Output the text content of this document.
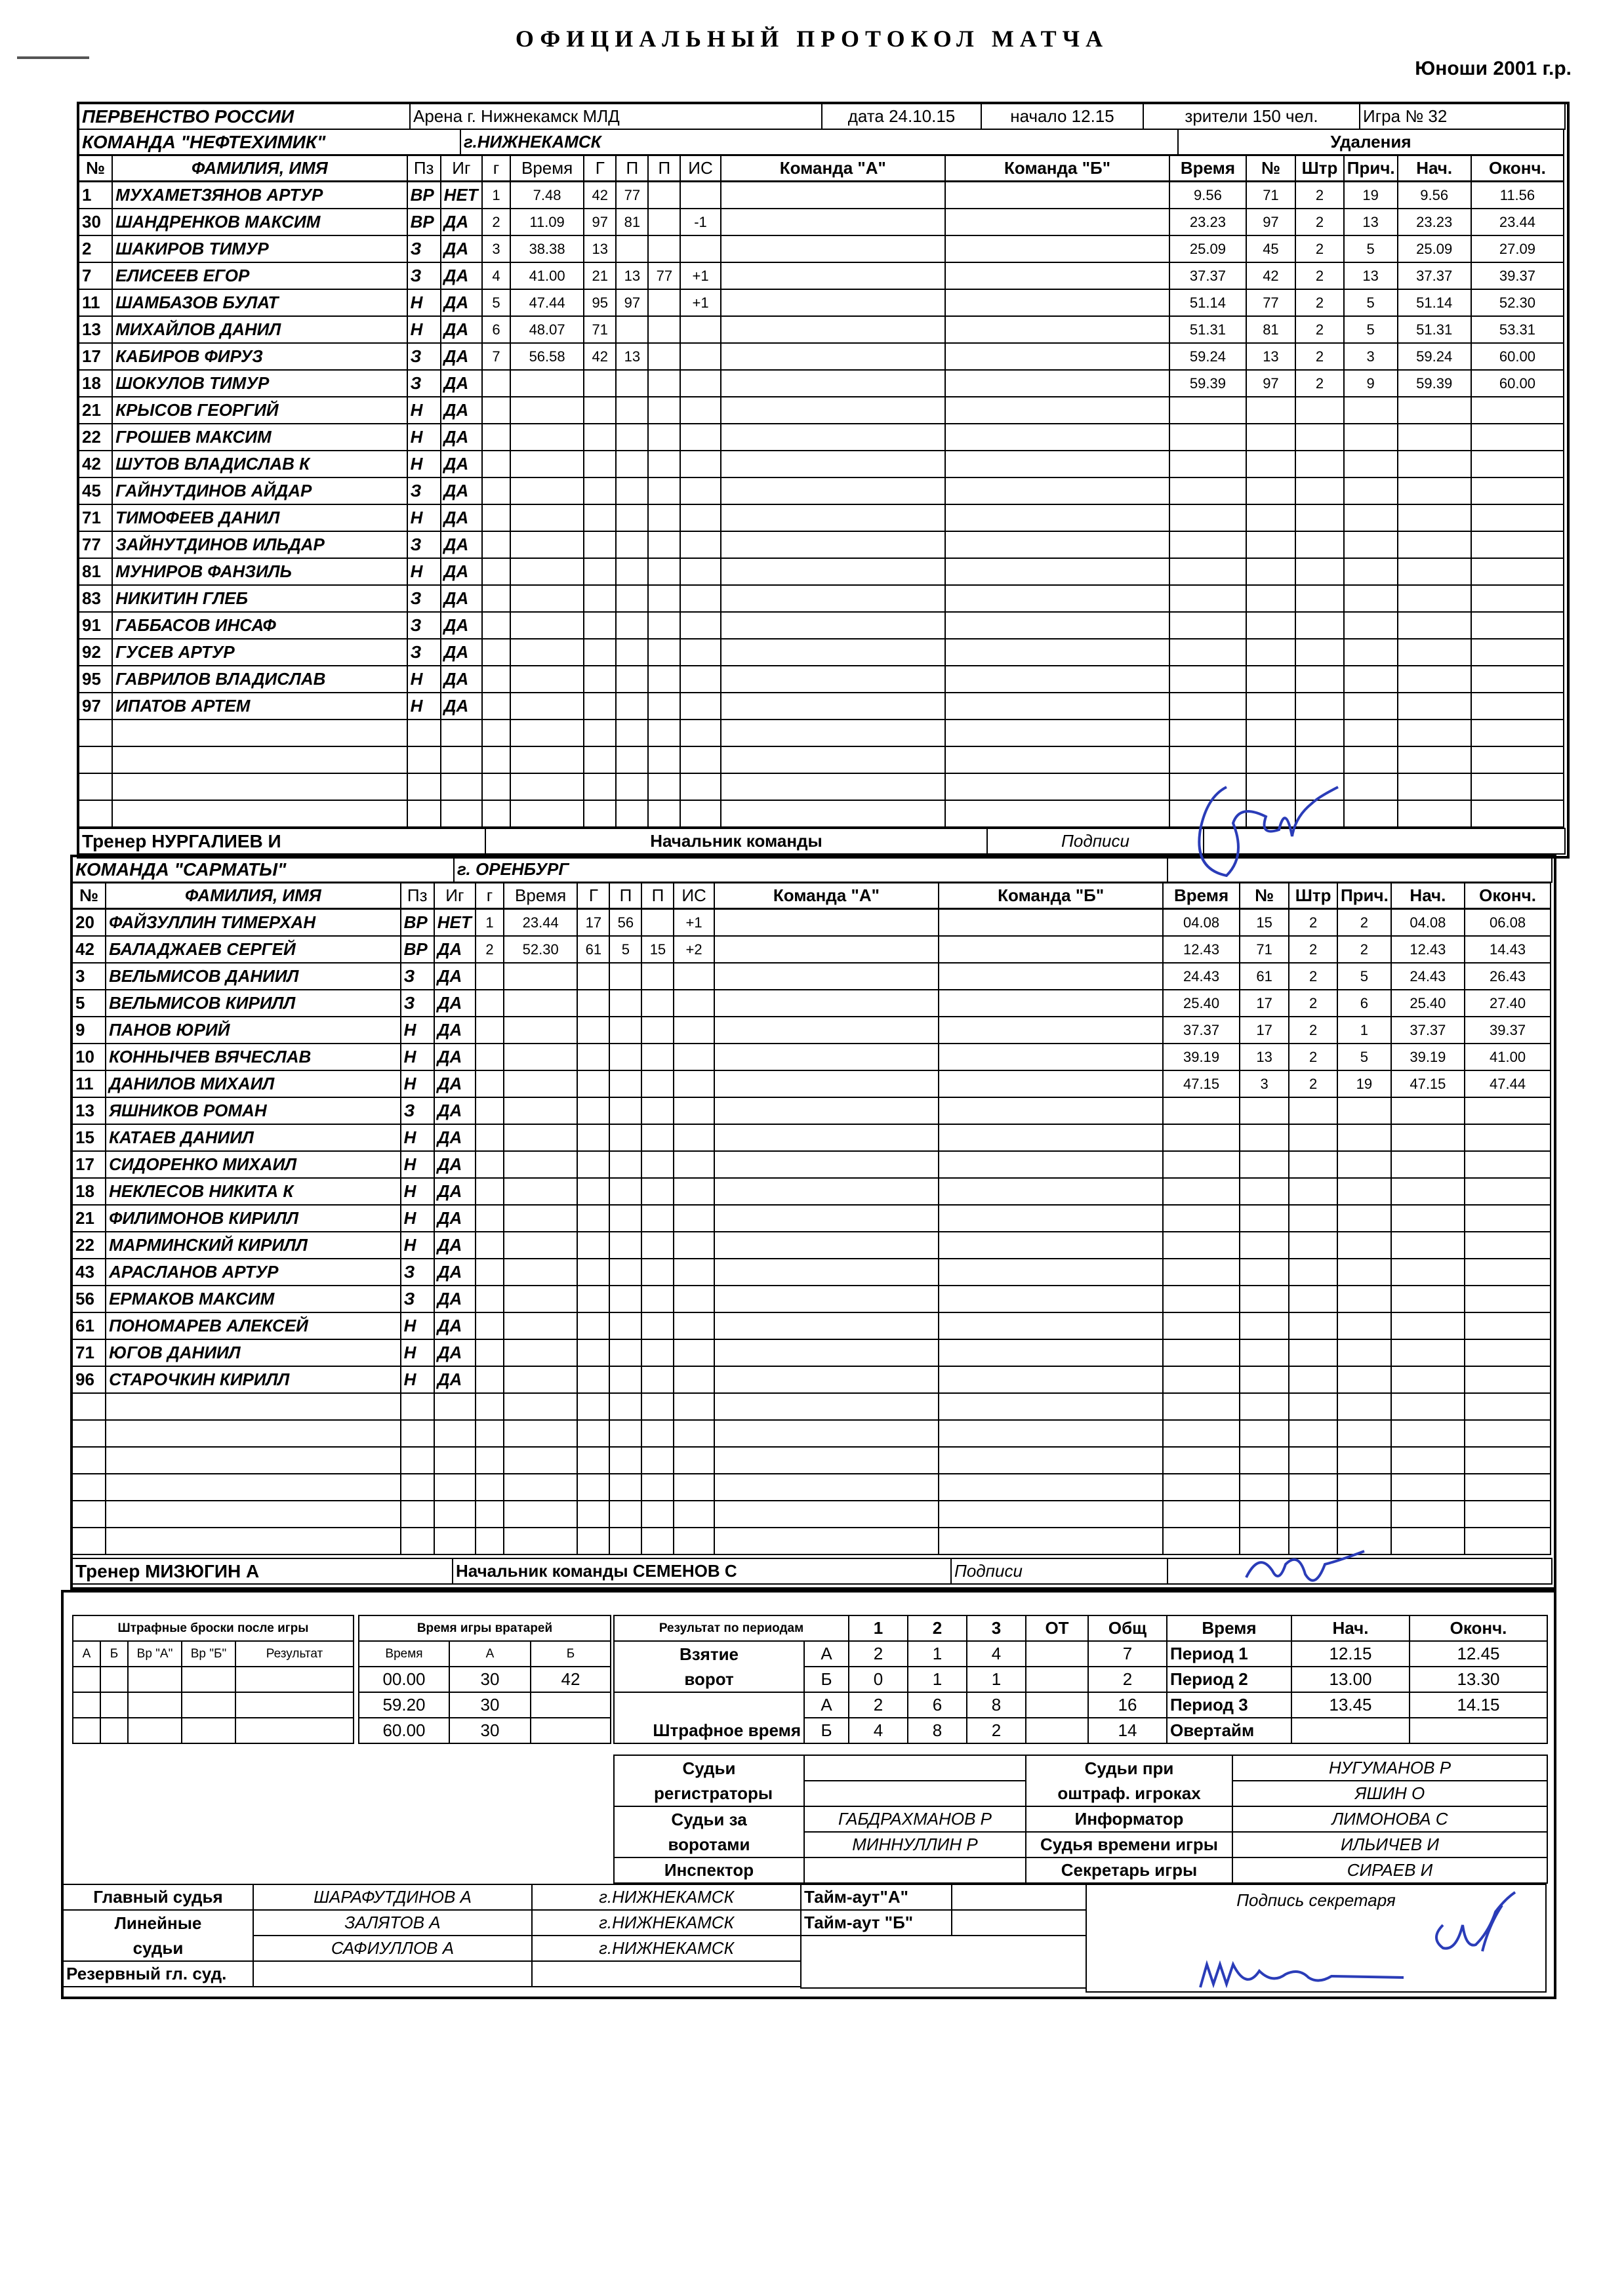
ОФИЦИАЛЬНЫЙ ПРОТОКОЛ МАТЧА
Юноши 2001 г.р.
ПЕРВЕНСТВО РОССИИ	Арена г. Нижнекамск МЛД	дата 24.10.15	начало 12.15	зрители 150 чел.	Игра № 32
КОМАНДА "НЕФТЕХИМИК"	г.НИЖНЕКАМСК	Удаления
№	ФАМИЛИЯ, ИМЯ	Пз	Иг	г	Время	Г	П	П	ИС	Команда "А"	Команда "Б"	Время	№	Штр	Прич.	Нач.	Оконч.
1	МУХАМЕТЗЯНОВ АРТУР	ВР	НЕТ	1	7.48	42	77					9.56	71	2	19	9.56	11.56
30	ШАНДРЕНКОВ МАКСИМ	ВР	ДА	2	11.09	97	81		-1			23.23	97	2	13	23.23	23.44
2	ШАКИРОВ ТИМУР	З	ДА	3	38.38	13						25.09	45	2	5	25.09	27.09
7	ЕЛИСЕЕВ ЕГОР	З	ДА	4	41.00	21	13	77	+1			37.37	42	2	13	37.37	39.37
11	ШАМБАЗОВ БУЛАТ	Н	ДА	5	47.44	95	97		+1			51.14	77	2	5	51.14	52.30
13	МИХАЙЛОВ ДАНИЛ	Н	ДА	6	48.07	71						51.31	81	2	5	51.31	53.31
17	КАБИРОВ ФИРУЗ	З	ДА	7	56.58	42	13					59.24	13	2	3	59.24	60.00
18	ШОКУЛОВ ТИМУР	З	ДА									59.39	97	2	9	59.39	60.00
21	КРЫСОВ ГЕОРГИЙ	Н	ДА														
22	ГРОШЕВ МАКСИМ	Н	ДА														
42	ШУТОВ ВЛАДИСЛАВ К	Н	ДА														
45	ГАЙНУТДИНОВ АЙДАР	З	ДА														
71	ТИМОФЕЕВ ДАНИЛ	Н	ДА														
77	ЗАЙНУТДИНОВ ИЛЬДАР	З	ДА														
81	МУНИРОВ ФАНЗИЛЬ	Н	ДА														
83	НИКИТИН ГЛЕБ	З	ДА														
91	ГАББАСОВ ИНСАФ	З	ДА														
92	ГУСЕВ АРТУР	З	ДА														
95	ГАВРИЛОВ ВЛАДИСЛАВ	Н	ДА														
97	ИПАТОВ АРТЕМ	Н	ДА														

Тренер НУРГАЛИЕВ И	Начальник команды	Подписи	
КОМАНДА "САРМАТЫ"	г. ОРЕНБУРГ	
№	ФАМИЛИЯ, ИМЯ	Пз	Иг	г	Время	Г	П	П	ИС	Команда "А"	Команда "Б"	Время	№	Штр	Прич.	Нач.	Оконч.
20	ФАЙЗУЛЛИН ТИМЕРХАН	ВР	НЕТ	1	23.44	17	56		+1			04.08	15	2	2	04.08	06.08
42	БАЛАДЖАЕВ СЕРГЕЙ	ВР	ДА	2	52.30	61	5	15	+2			12.43	71	2	2	12.43	14.43
3	ВЕЛЬМИСОВ ДАНИИЛ	З	ДА									24.43	61	2	5	24.43	26.43
5	ВЕЛЬМИСОВ КИРИЛЛ	З	ДА									25.40	17	2	6	25.40	27.40
9	ПАНОВ ЮРИЙ	Н	ДА									37.37	17	2	1	37.37	39.37
10	КОННЫЧЕВ ВЯЧЕСЛАВ	Н	ДА									39.19	13	2	5	39.19	41.00
11	ДАНИЛОВ МИХАИЛ	Н	ДА									47.15	3	2	19	47.15	47.44
13	ЯШНИКОВ РОМАН	З	ДА														
15	КАТАЕВ ДАНИИЛ	Н	ДА														
17	СИДОРЕНКО МИХАИЛ	Н	ДА														
18	НЕКЛЕСОВ НИКИТА К	Н	ДА														
21	ФИЛИМОНОВ КИРИЛЛ	Н	ДА														
22	МАРМИНСКИЙ КИРИЛЛ	Н	ДА														
43	АРАСЛАНОВ АРТУР	З	ДА														
56	ЕРМАКОВ МАКСИМ	З	ДА														
61	ПОНОМАРЕВ АЛЕКСЕЙ	Н	ДА														
71	ЮГОВ ДАНИИЛ	Н	ДА														
96	СТАРОЧКИН КИРИЛЛ	Н	ДА														

Тренер МИЗЮГИН А	Начальник команды СЕМЕНОВ С	Подписи	
Штрафные броски после игры				
А	Б	Вр "А"	Вр "Б"	Результат

Время игры вратарей		
Время	А	Б
00.00	30	42
59.20	30	
60.00	30	
Результат по периодам		1	2	3	ОТ	Общ
Взятие ворот	А	2	1	4		7
	Б	0	1	1		2
Штрафное время	А	2	6	8		16
	Б	4	8	2		14
Время	Нач.	Оконч.
Период 1	12.15	12.45
Период 2	13.00	13.30
Период 3	13.45	14.15
Овертайм		
Судьи регистраторы		Судьи при оштраф. игроках	НУГУМАНОВ Р
			ЯШИН О
Судьи за воротами	ГАБДРАХМАНОВ Р	Информатор	ЛИМОНОВА С
	МИННУЛЛИН Р	Судья времени игры	ИЛЬИЧЕВ И
Инспектор		Секретарь игры	СИРАЕВ И
Главный судья	ШАРАФУТДИНОВ А	г.НИЖНЕКАМСК
Линейные судьи	ЗАЛЯТОВ А	г.НИЖНЕКАМСК
	САФИУЛЛОВ А	г.НИЖНЕКАМСК
Резервный гл. суд.		
Тайм-аут"А"	
Тайм-аут "Б"	

Подпись секретаря
